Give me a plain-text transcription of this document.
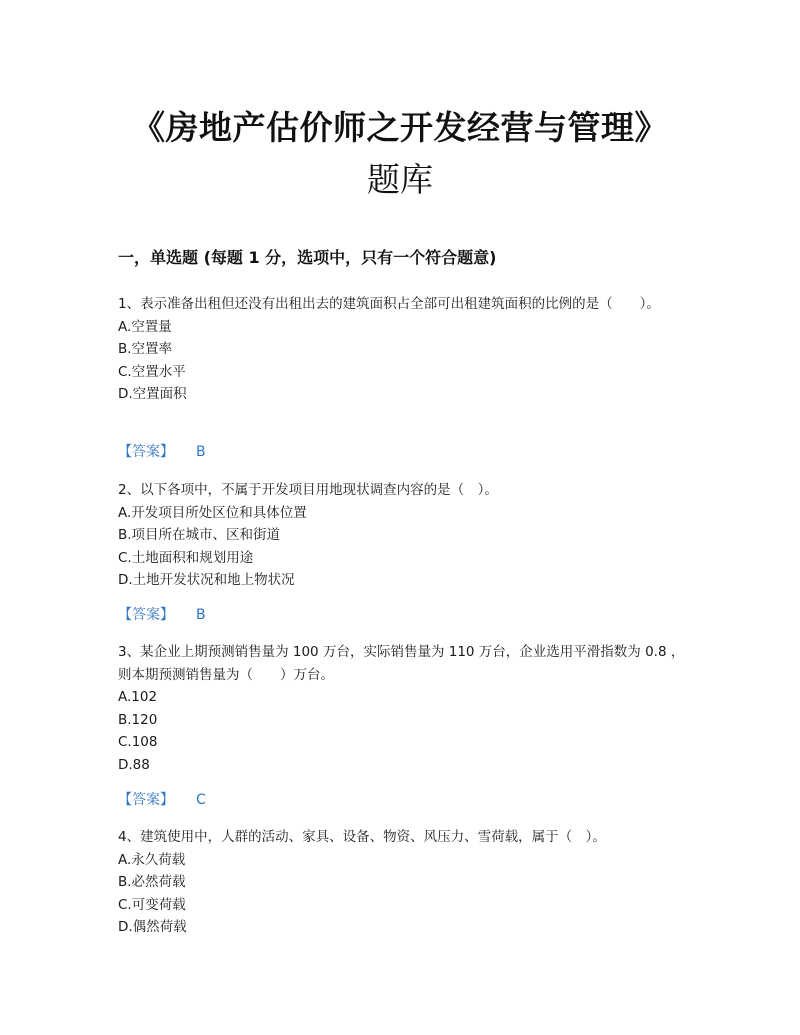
《房地产估价师之开发经营与管理》
题库
一，单选题 (每题 1 分，选项中，只有一个符合题意)
1、表示准备出租但还没有出租出去的建筑面积占全部可出租建筑面积的比例的是（　　）。
A.空置量
B.空置率
C.空置水平
D.空置面积
【答案】 B
2、以下各项中，不属于开发项目用地现状调查内容的是（　）。
A.开发项目所处区位和具体位置
B.项目所在城市、区和街道
C.土地面积和规划用途
D.土地开发状况和地上物状况
【答案】 B
3、某企业上期预测销售量为 100 万台，实际销售量为 110 万台，企业选用平滑指数为 0.8 ，则本期预测销售量为（　　）万台。
A.102
B.120
C.108
D.88
【答案】 C
4、建筑使用中，人群的活动、家具、设备、物资、风压力、雪荷载，属于（　）。
A.永久荷载
B.必然荷载
C.可变荷载
D.偶然荷载
